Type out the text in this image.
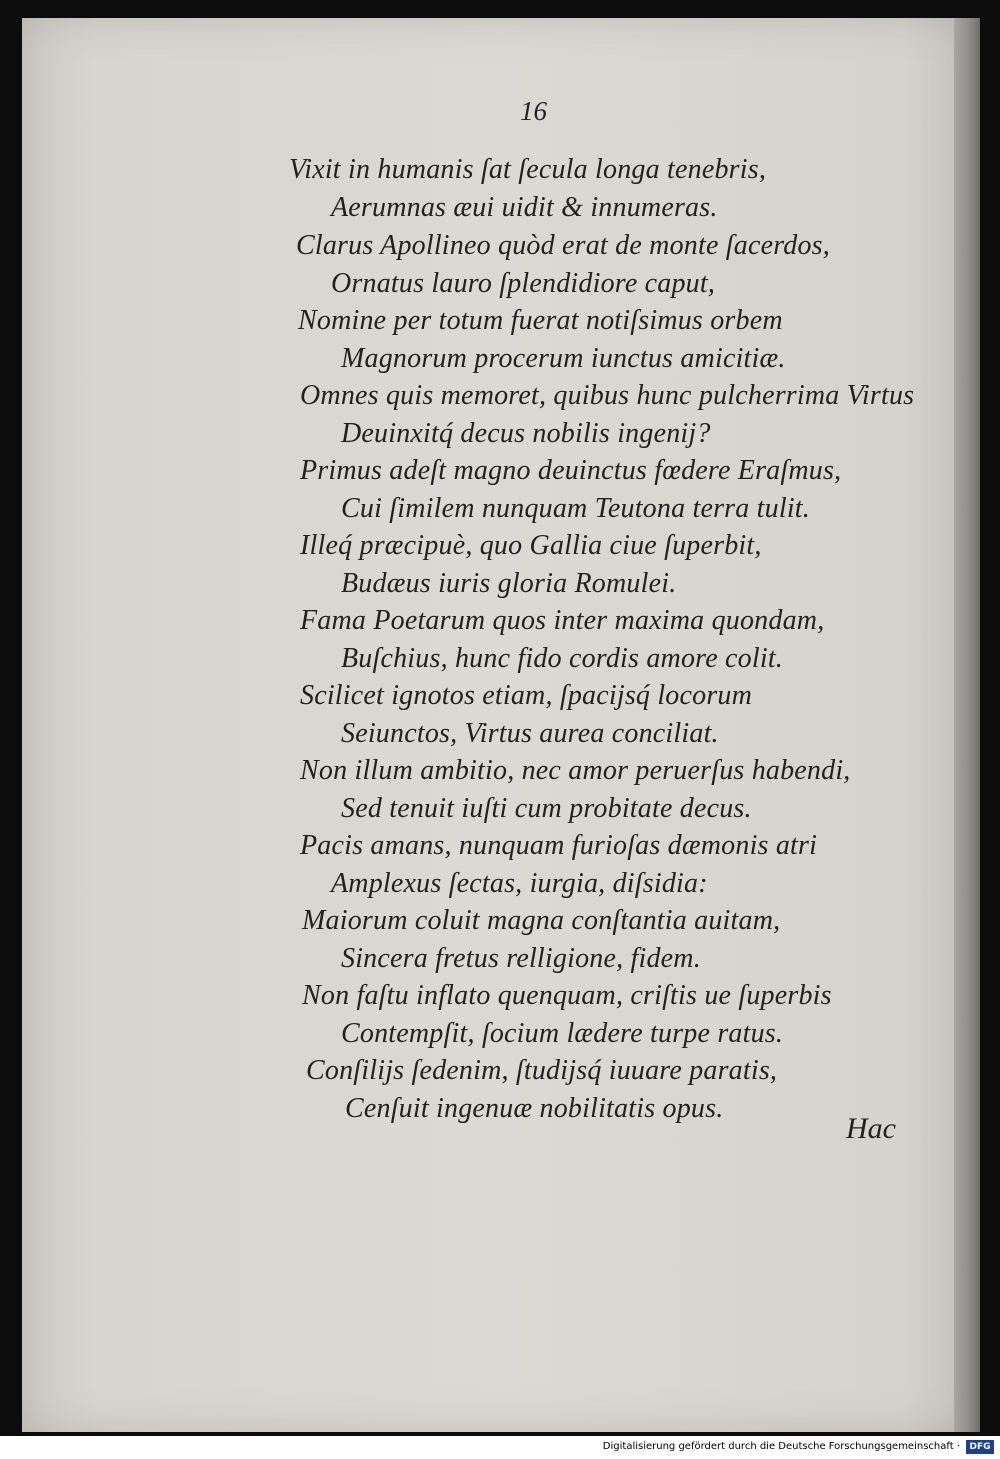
16
Vixit in humanis ſat ſecula longa tenebris,
Aerumnas æui uidit & innumeras.
Clarus Apollineo quòd erat de monte ſacerdos,
Ornatus lauro ſplendidiore caput,
Nomine per totum fuerat notiſsimus orbem
Magnorum procerum iunctus amicitiæ.
Omnes quis memoret, quibus hunc pulcherrima Virtus
Deuinxitq́ decus nobilis ingenij?
Primus adeſt magno deuinctus fœdere Eraſmus,
Cui ſimilem nunquam Teutona terra tulit.
Illeq́ præcipuè, quo Gallia ciue ſuperbit,
Budæus iuris gloria Romulei.
Fama Poetarum quos inter maxima quondam,
Buſchius, hunc fido cordis amore colit.
Scilicet ignotos etiam, ſpacijsq́ locorum
Seiunctos, Virtus aurea conciliat.
Non illum ambitio, nec amor peruerſus habendi,
Sed tenuit iuſti cum probitate decus.
Pacis amans, nunquam furioſas dæmonis atri
Amplexus ſectas, iurgia, diſsidia:
Maiorum coluit magna conſtantia auitam,
Sincera fretus relligione, fidem.
Non faſtu inflato quenquam, criſtis ue ſuperbis
Contempſit, ſocium lædere turpe ratus.
Conſilijs ſedenim, ſtudijsq́ iuuare paratis,
Cenſuit ingenuæ nobilitatis opus.
Hac
Digitalisierung gefördert durch die Deutsche Forschungsgemeinschaft ·	DFG
